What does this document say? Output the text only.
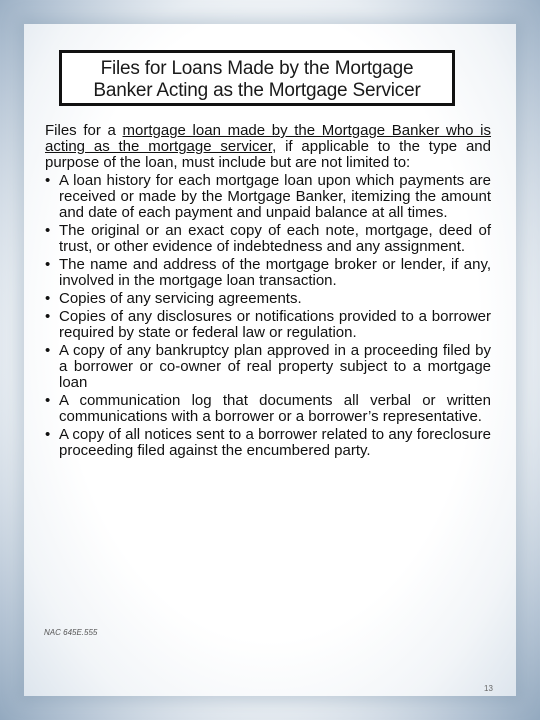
Files for Loans Made by the Mortgage
Banker Acting as the Mortgage Servicer

Files for a mortgage loan made by the Mortgage Banker who is acting as the mortgage servicer, if applicable to the type and purpose of the loan, must include but are not limited to:

• A loan history for each mortgage loan upon which payments are received or made by the Mortgage Banker, itemizing the amount and date of each payment and unpaid balance at all times.
• The original or an exact copy of each note, mortgage, deed of trust, or other evidence of indebtedness and any assignment.
• The name and address of the mortgage broker or lender, if any, involved in the mortgage loan transaction.
• Copies of any servicing agreements.
• Copies of any disclosures or notifications provided to a borrower required by state or federal law or regulation.
• A copy of any bankruptcy plan approved in a proceeding filed by a borrower or co-owner of real property subject to a mortgage loan
• A communication log that documents all verbal or written communications with a borrower or a borrower’s representative.
• A copy of all notices sent to a borrower related to any foreclosure proceeding filed against the encumbered party.
NAC 645E.555
13
